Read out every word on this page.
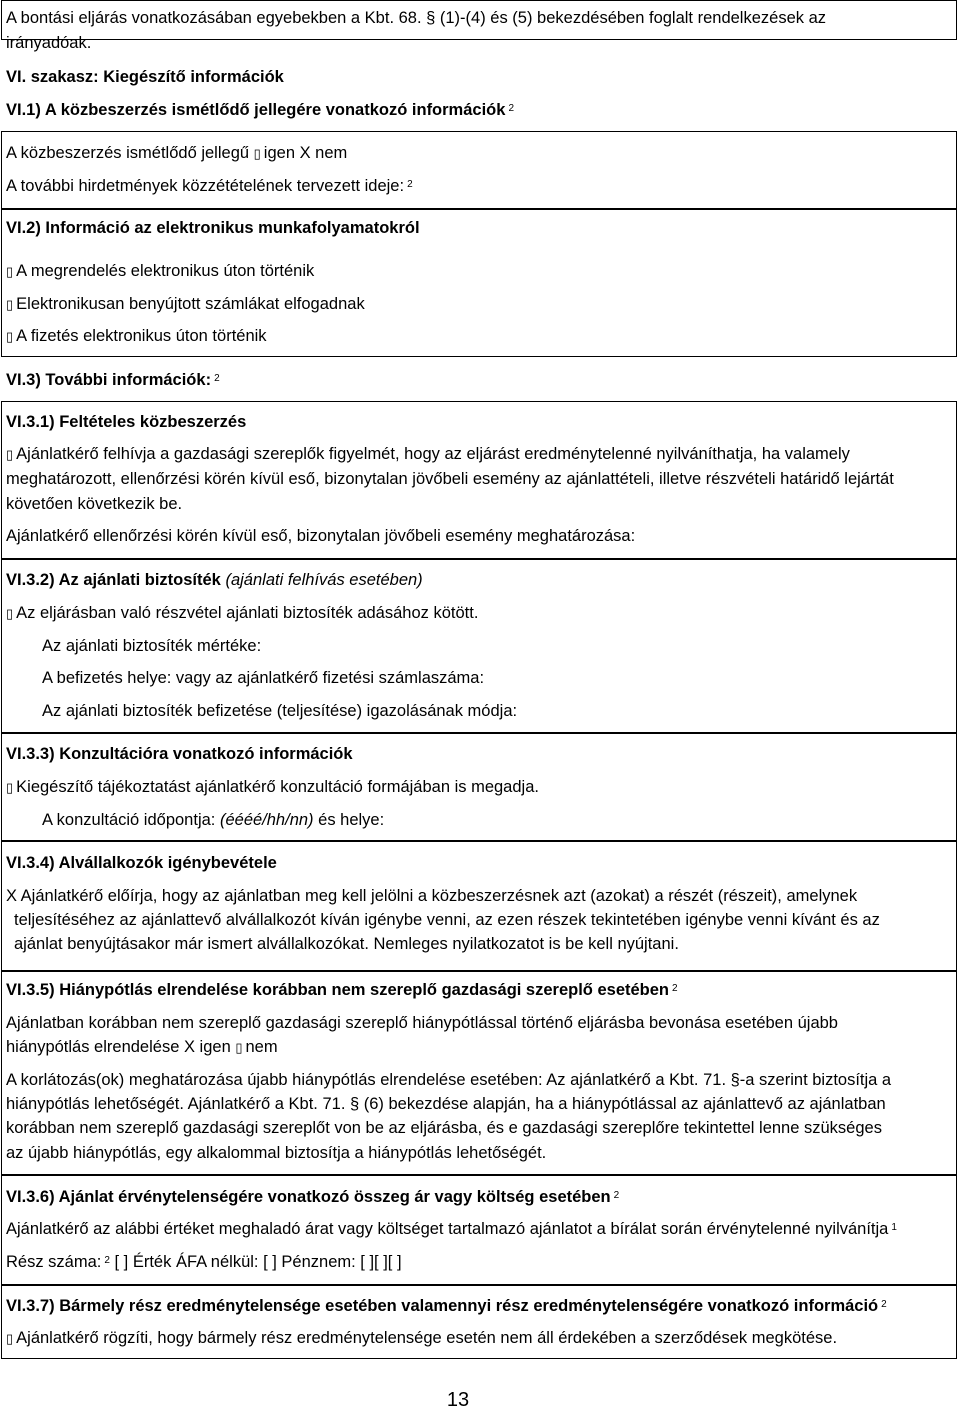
A bontási eljárás vonatkozásában egyebekben a Kbt. 68. § (1)-(4) és (5) bekezdésében foglalt rendelkezések az
irányadóak.
VI. szakasz: Kiegészítő információk
VI.1) A közbeszerzés ismétlődő jellegére vonatkozó információk $^2$
A közbeszerzés ismétlődő jellegű ▯ igen X nem
A további hirdetmények közzétételének tervezett ideje: $^2$
VI.2) Információ az elektronikus munkafolyamatokról
▯ A megrendelés elektronikus úton történik
▯ Elektronikusan benyújtott számlákat elfogadnak
▯ A fizetés elektronikus úton történik
VI.3) További információk: $^2$
VI.3.1) Feltételes közbeszerzés
▯ Ajánlatkérő felhívja a gazdasági szereplők figyelmét, hogy az eljárást eredménytelenné nyilváníthatja, ha valamely
meghatározott, ellenőrzési körén kívül eső, bizonytalan jövőbeli esemény az ajánlattételi, illetve részvételi határidő lejártát
követően következik be.
Ajánlatkérő ellenőrzési körén kívül eső, bizonytalan jövőbeli esemény meghatározása:
VI.3.2) Az ajánlati biztosíték (ajánlati felhívás esetében)
▯ Az eljárásban való részvétel ajánlati biztosíték adásához kötött.
Az ajánlati biztosíték mértéke:
A befizetés helye: vagy az ajánlatkérő fizetési számlaszáma:
Az ajánlati biztosíték befizetése (teljesítése) igazolásának módja:
VI.3.3) Konzultációra vonatkozó információk
▯ Kiegészítő tájékoztatást ajánlatkérő konzultáció formájában is megadja.
A konzultáció időpontja: (éééé/hh/nn) és helye:
VI.3.4) Alvállalkozók igénybevétele
X Ajánlatkérő előírja, hogy az ajánlatban meg kell jelölni a közbeszerzésnek azt (azokat) a részét (részeit), amelynek
teljesítéséhez az ajánlattevő alvállalkozót kíván igénybe venni, az ezen részek tekintetében igénybe venni kívánt és az
ajánlat benyújtásakor már ismert alvállalkozókat. Nemleges nyilatkozatot is be kell nyújtani.
VI.3.5) Hiánypótlás elrendelése korábban nem szereplő gazdasági szereplő esetében $^2$
Ajánlatban korábban nem szereplő gazdasági szereplő hiánypótlással történő eljárásba bevonása esetében újabb
hiánypótlás elrendelése X igen ▯ nem
A korlátozás(ok) meghatározása újabb hiánypótlás elrendelése esetében: Az ajánlatkérő a Kbt. 71. §-a szerint biztosítja a
hiánypótlás lehetőségét. Ajánlatkérő a Kbt. 71. § (6) bekezdése alapján, ha a hiánypótlással az ajánlattevő az ajánlatban
korábban nem szereplő gazdasági szereplőt von be az eljárásba, és e gazdasági szereplőre tekintettel lenne szükséges
az újabb hiánypótlás, egy alkalommal biztosítja a hiánypótlás lehetőségét.
VI.3.6) Ajánlat érvénytelenségére vonatkozó összeg ár vagy költség esetében $^2$
Ajánlatkérő az alábbi értéket meghaladó árat vagy költséget tartalmazó ajánlatot a bírálat során érvénytelenné nyilvánítja $^1$
Rész száma: $^2$ [ ] Érték ÁFA nélkül: [ ] Pénznem: [ ][ ][ ]
VI.3.7) Bármely rész eredménytelensége esetében valamennyi rész eredménytelenségére vonatkozó információ $^2$
▯ Ajánlatkérő rögzíti, hogy bármely rész eredménytelensége esetén nem áll érdekében a szerződések megkötése.
13
